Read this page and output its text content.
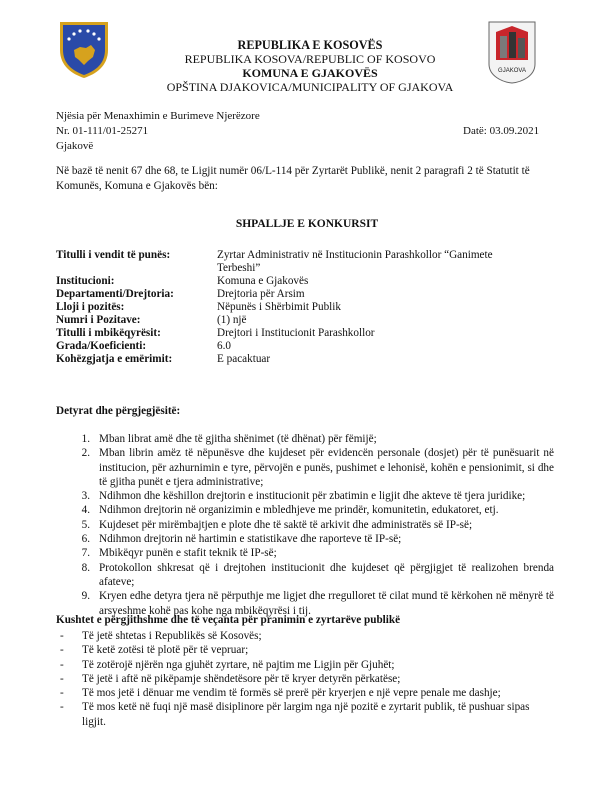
GJAKOVA
REPUBLIKA E KOSOVËS
REPUBLIKA KOSOVA/REPUBLIC OF KOSOVO
KOMUNA E GJAKOVËS
OPŠTINA DJAKOVICA/MUNICIPALITY OF GJAKOVA
Njësia për Menaxhimin e Burimeve Njerëzore
Nr. 01-111/01-25271
Gjakovë
Datë: 03.09.2021
Në bazë të nenit 67 dhe 68, te Ligjit numër 06/L-114 për Zyrtarët Publikë, nenit 2 paragrafi 2 të Statutit të Komunës, Komuna e Gjakovës bën:
SHPALLJE E KONKURSIT
Titulli i vendit të punës:	Zyrtar Administrativ në Institucionin Parashkollor “Ganimete Terbeshi”
Institucioni:	Komuna e Gjakovës
Departamenti/Drejtoria:	Drejtoria për Arsim
Lloji i pozitës:	Nëpunës i Shërbimit Publik
Numri i Pozitave:	(1) një
Titulli i mbikëqyrësit:	Drejtori i Institucionit Parashkollor
Grada/Koeficienti:	6.0
Kohëzgjatja e emërimit:	E pacaktuar
Detyrat dhe përgjegjësitë:
1. Mban librat amë dhe të gjitha shënimet (të dhënat) për fëmijë;
2. Mban librin amëz të nëpunësve dhe kujdeset për evidencën personale (dosjet) për të punësuarit në institucion, për azhurnimin e tyre, përvojën e punës, pushimet e lehonisë, kohën e pensionimit, si dhe të gjitha punët e tjera administrative;
3. Ndihmon dhe këshillon drejtorin e institucionit për zbatimin e ligjit dhe akteve të tjera juridike;
4. Ndihmon drejtorin në organizimin e mbledhjeve me prindër, komunitetin, edukatoret, etj.
5. Kujdeset për mirëmbajtjen e plote dhe të saktë të arkivit dhe administratës së IP-së;
6. Ndihmon drejtorin në hartimin e statistikave dhe raporteve të IP-së;
7. Mbikëqyr punën e stafit teknik të IP-së;
8. Protokollon shkresat që i drejtohen institucionit dhe kujdeset që përgjigjet të realizohen brenda afateve;
9. Kryen edhe detyra tjera në përputhje me ligjet dhe rregulloret të cilat mund të kërkohen në mënyrë të arsyeshme kohë pas kohe nga mbikëqyrësi i tij.
Kushtet e përgjithshme dhe të veçanta për pranimin e zyrtarëve publikë
-	Të jetë shtetas i Republikës së Kosovës;
-	Të ketë zotësi të plotë për të vepruar;
-	Të zotërojë njërën nga gjuhët zyrtare, në pajtim me Ligjin për Gjuhët;
-	Të jetë i aftë në pikëpamje shëndetësore për të kryer detyrën përkatëse;
-	Të mos jetë i dënuar me vendim të formës së prerë për kryerjen e një vepre penale me dashje;
-	Të mos ketë në fuqi një masë disiplinore për largim nga një pozitë e zyrtarit publik, të pushuar sipas ligjit.
